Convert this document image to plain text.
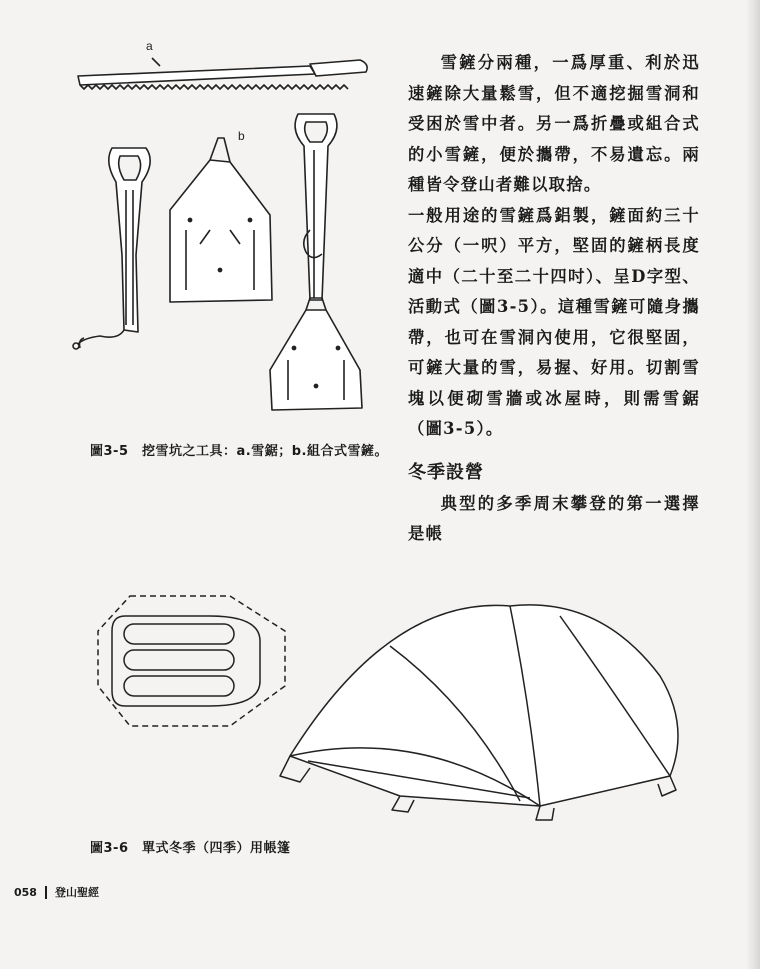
a
b
圖3-5　挖雪坑之工具：a.雪鋸；b.組合式雪鏟。
圖3-6　單式冬季（四季）用帳篷

雪鏟分兩種，一爲厚重、利於迅速鏟除大量鬆雪，但不適挖掘雪洞和受困於雪中者。另一爲折疊或組合式的小雪鏟，便於攜帶，不易遺忘。兩種皆令登山者難以取捨。

一般用途的雪鏟爲鋁製，鏟面約三十公分（一呎）平方，堅固的鏟柄長度適中（二十至二十四吋）、呈D字型、活動式（圖3-5）。這種雪鏟可隨身攜帶，也可在雪洞內使用，它很堅固，可鏟大量的雪，易握、好用。切割雪塊以便砌雪牆或冰屋時，則需雪鋸（圖3-5）。

冬季設營

典型的多季周末攀登的第一選擇是帳

058 登山聖經
